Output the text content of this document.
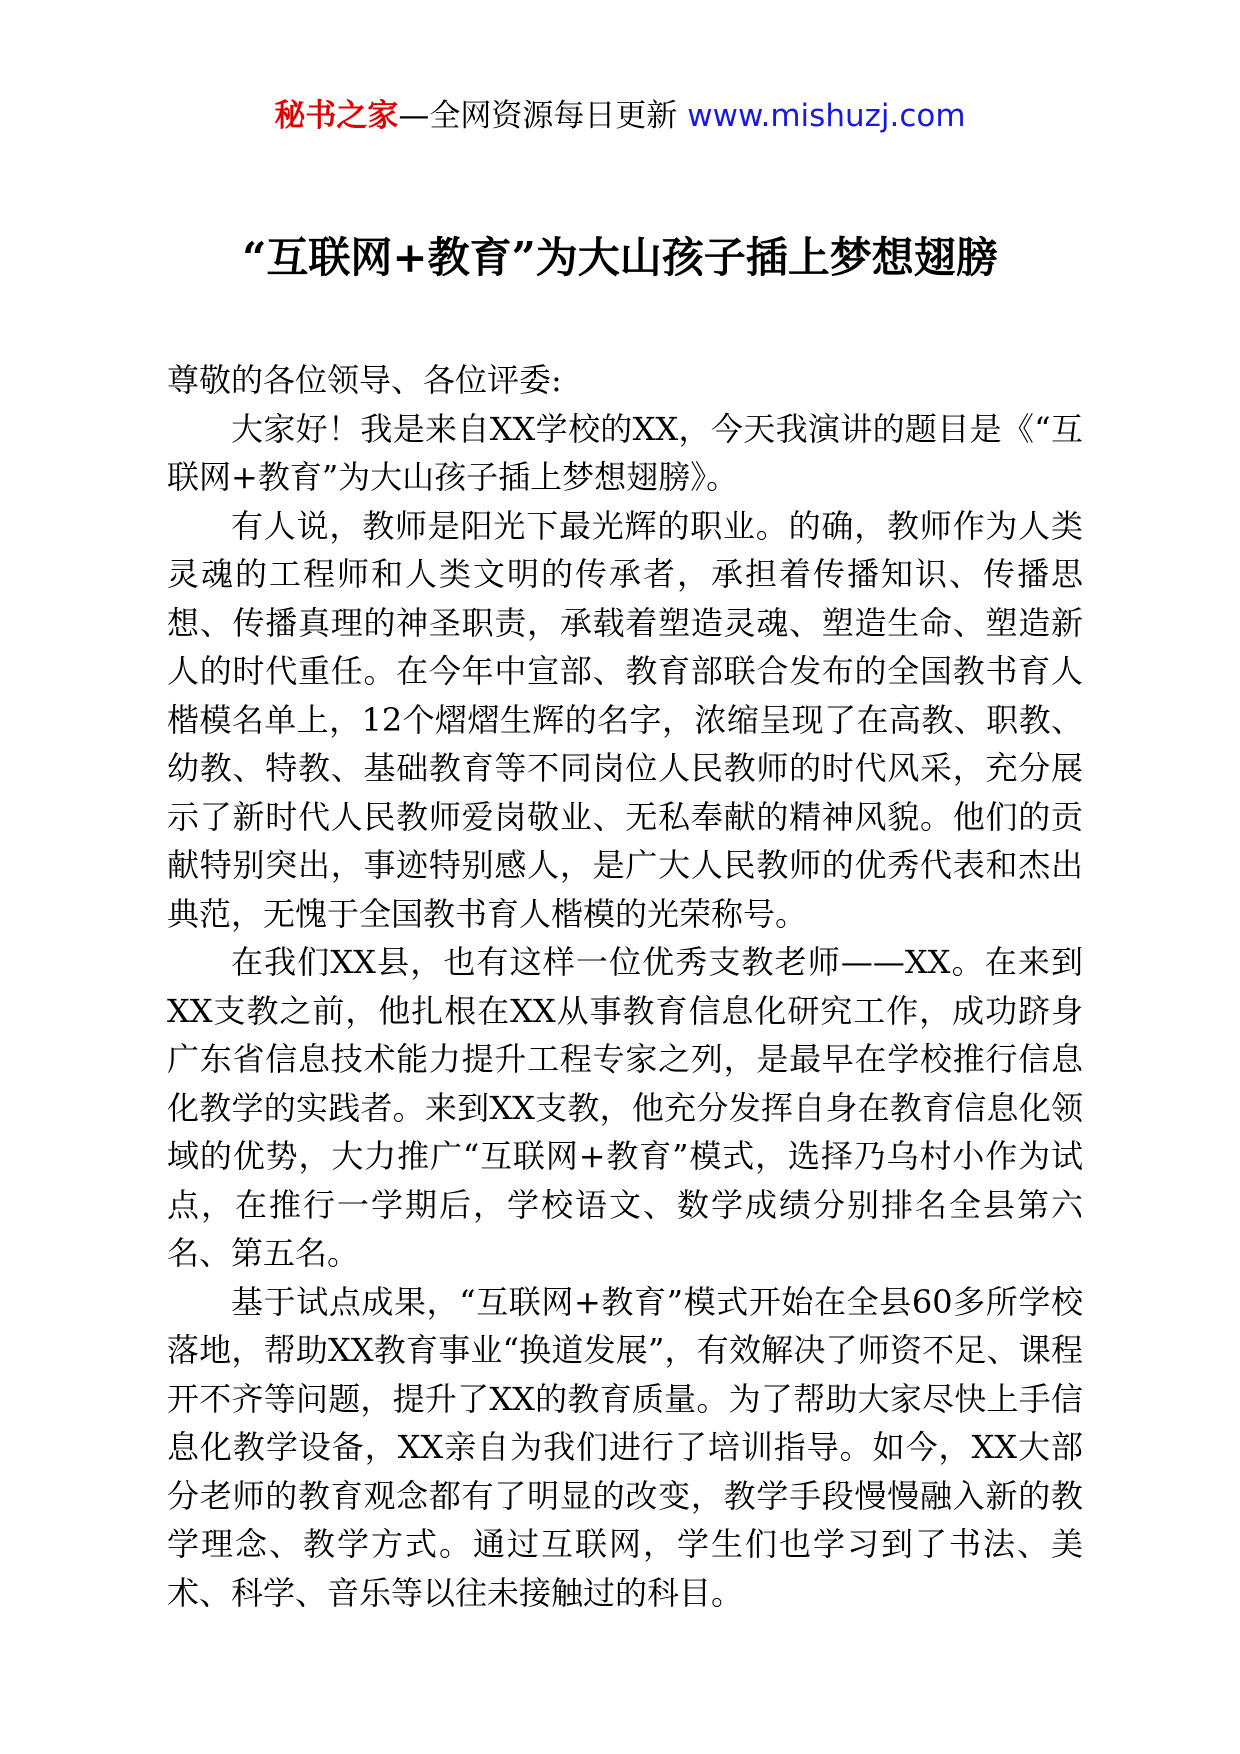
秘书之家—全网资源每日更新 www.mishuzj.com
“互联网+教育”为大山孩子插上梦想翅膀

尊敬的各位领导、各位评委:

大家好！我是来自XX学校的XX，今天我演讲的题目是《“互联网+教育”为大山孩子插上梦想翅膀》。

有人说，教师是阳光下最光辉的职业。的确，教师作为人类灵魂的工程师和人类文明的传承者，承担着传播知识、传播思想、传播真理的神圣职责，承载着塑造灵魂、塑造生命、塑造新人的时代重任。在今年中宣部、教育部联合发布的全国教书育人楷模名单上，12个熠熠生辉的名字，浓缩呈现了在高教、职教、幼教、特教、基础教育等不同岗位人民教师的时代风采，充分展示了新时代人民教师爱岗敬业、无私奉献的精神风貌。他们的贡献特别突出，事迹特别感人，是广大人民教师的优秀代表和杰出典范，无愧于全国教书育人楷模的光荣称号。

在我们XX县，也有这样一位优秀支教老师——XX。在来到XX支教之前，他扎根在XX从事教育信息化研究工作，成功跻身广东省信息技术能力提升工程专家之列，是最早在学校推行信息化教学的实践者。来到XX支教，他充分发挥自身在教育信息化领域的优势，大力推广“互联网+教育”模式，选择乃乌村小作为试点，在推行一学期后，学校语文、数学成绩分别排名全县第六名、第五名。

基于试点成果，“互联网+教育”模式开始在全县60多所学校落地，帮助XX教育事业“换道发展”，有效解决了师资不足、课程开不齐等问题，提升了XX的教育质量。为了帮助大家尽快上手信息化教学设备，XX亲自为我们进行了培训指导。如今，XX大部分老师的教育观念都有了明显的改变，教学手段慢慢融入新的教学理念、教学方式。通过互联网，学生们也学习到了书法、美术、科学、音乐等以往未接触过的科目。
